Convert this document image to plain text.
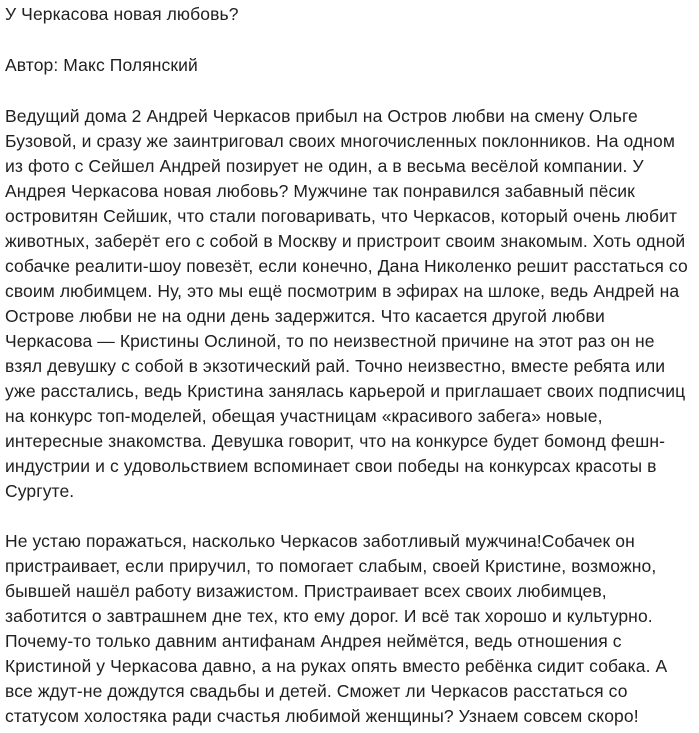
У Черкасова новая любовь?

Автор: Макс Полянский

Ведущий дома 2 Андрей Черкасов прибыл на Остров любви на смену Ольге Бузовой, и сразу же заинтриговал своих многочисленных поклонников. На одном из фото с Сейшел Андрей позирует не один, а в весьма весёлой компании. У Андрея Черкасова новая любовь? Мужчине так понравился забавный пёсик островитян Сейшик, что стали поговаривать, что Черкасов, который очень любит животных, заберёт его с собой в Москву и пристроит своим знакомым. Хоть одной собачке реалити-шоу повезёт, если конечно, Дана Николенко решит расстаться со своим любимцем. Ну, это мы ещё посмотрим в эфирах на шлоке, ведь Андрей на Острове любви не на одни день задержится. Что касается другой любви Черкасова — Кристины Ослиной, то по неизвестной причине на этот раз он не взял девушку с собой в экзотический рай. Точно неизвестно, вместе ребята или уже расстались, ведь Кристина занялась карьерой и приглашает своих подписчиц на конкурс топ-моделей, обещая участницам «красивого забега» новые, интересные знакомства. Девушка говорит, что на конкурсе будет бомонд фешн-индустрии и с удовольствием вспоминает свои победы на конкурсах красоты в Сургуте.

Не устаю поражаться, насколько Черкасов заботливый мужчина!Собачек он пристраивает, если приручил, то помогает слабым, своей Кристине, возможно, бывшей нашёл работу визажистом. Пристраивает всех своих любимцев, заботится о завтрашнем дне тех, кто ему дорог. И всё так хорошо и культурно. Почему-то только давним антифанам Андрея неймётся, ведь отношения с Кристиной у Черкасова давно, а на руках опять вместо ребёнка сидит собака. А все ждут-не дождутся свадьбы и детей. Сможет ли Черкасов расстаться со статусом холостяка ради счастья любимой женщины? Узнаем совсем скоро!
